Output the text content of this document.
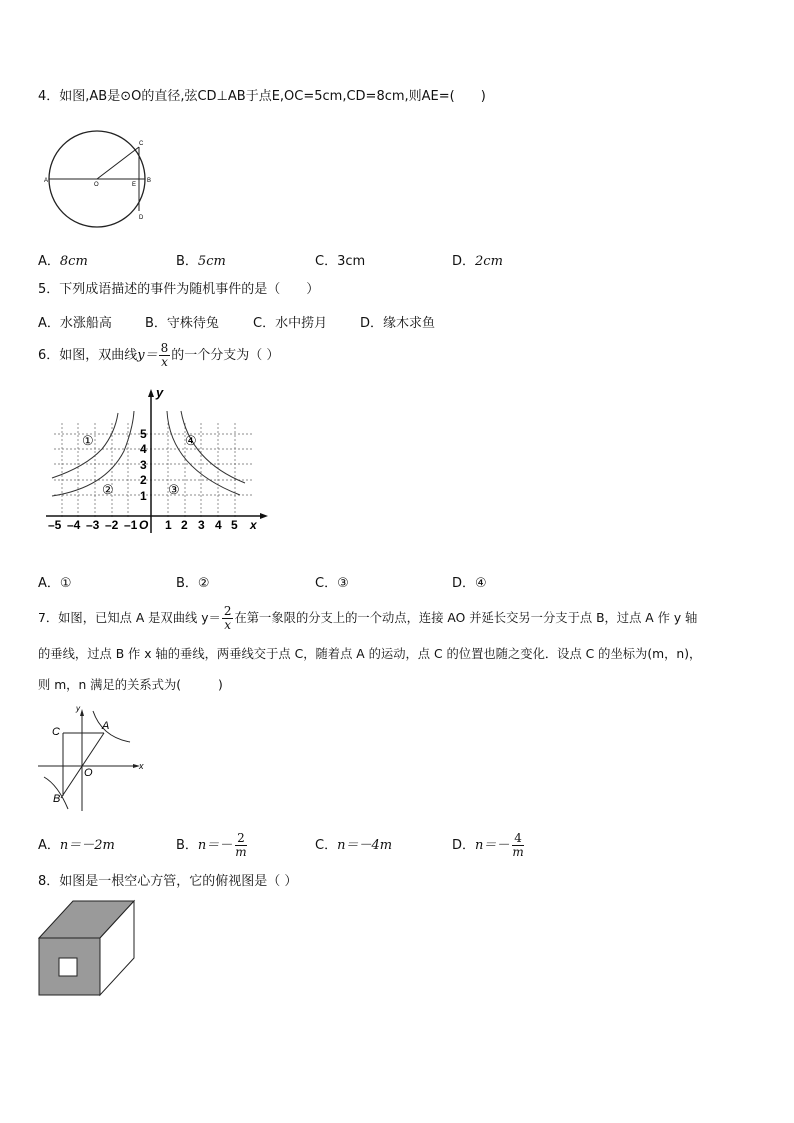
4．如图,AB是⊙O的直径,弦CD⊥AB于点E,OC=5cm,CD=8cm,则AE=(　　)
A
O	E
B
C
D
A．8cm	B．5cm	C．3cm	D．2cm
5．下列成语描述的事件为随机事件的是（　　）
A．水涨船高	B．守株待兔	C．水中捞月	D．缘木求鱼
6．如图，双曲线$y= \frac{8}{x}$ 的一个分支为（ ）
①
②	③
④
1
2
3
4
5
–5 –4 –3 –2 –1 O 1 2 3 4 5 x
y
A．①	B．②	C．③	D．④
7．如图，已知点 A 是双曲线 $y= \frac{2}{x}$ 在第一象限的分支上的一个动点，连接 AO 并延长交另一分支于点 B，过点 A 作 y 轴
的垂线，过点 B 作 x 轴的垂线，两垂线交于点 C，随着点 A 的运动，点 C 的位置也随之变化．设点 C 的坐标为(m，n)，
则 m，n 满足的关系式为(　　　)
y
C	A
O
x
B
A．n＝－2m	B．$n=- \frac{2}{m}$	C．n＝－4m	D．$n=- \frac{4}{m}$
8．如图是一根空心方管，它的俯视图是（ ）
